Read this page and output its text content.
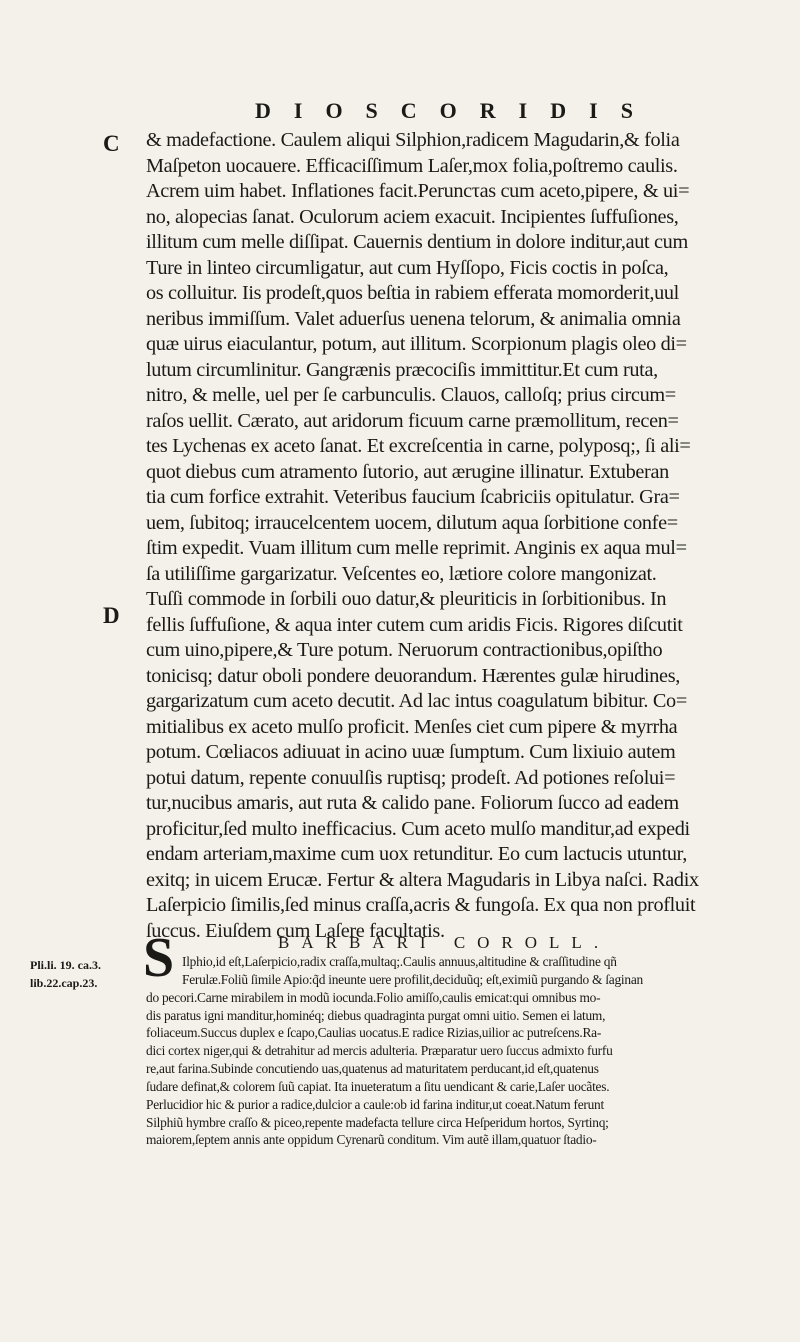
DIOSCORIDIS
C
D
& madefactione. Caulem aliqui Silphion,radicem Magudarin,& folia
Maſpeton uocauere. Efficaciſſimum Laſer,mox folia,poſtremo caulis.
Acrem uim habet. Inflationes facit.Peruncτas cum aceto,pipere, & ui=
no, alopecias ſanat. Oculorum aciem exacuit. Incipientes ſuffuſiones,
illitum cum melle diſſipat. Cauernis dentium in dolore inditur,aut cum
Ture in linteo circumligatur, aut cum Hyſſopo, Ficis coctis in poſca,
os colluitur. Iis prodeſt,quos beſtia in rabiem efferata momorderit,uul
neribus immiſſum. Valet aduerſus uenena telorum, & animalia omnia
quæ uirus eiaculantur, potum, aut illitum. Scorpionum plagis oleo di=
lutum circumlinitur. Gangrænis præcociſis immittitur.Et cum ruta,
nitro, & melle, uel per ſe carbunculis. Clauos, calloſq; prius circum=
raſos uellit. Cærato, aut aridorum ficuum carne præmollitum, recen=
tes Lychenas ex aceto ſanat. Et excreſcentia in carne, polyposq;, ſi ali=
quot diebus cum atramento ſutorio, aut ærugine illinatur. Extuberan
tia cum forfice extrahit. Veteribus faucium ſcabriciis opitulatur. Gra=
uem, ſubitoq; irraucelcentem uocem, dilutum aqua ſorbitione confe=
ſtim expedit. Vuam illitum cum melle reprimit. Anginis ex aqua mul=
ſa utiliſſime gargarizatur. Veſcentes eo, lætiore colore mangonizat.
Tuſſi commode in ſorbili ouo datur,& pleuriticis in ſorbitionibus. In
fellis ſuffuſione, & aqua inter cutem cum aridis Ficis. Rigores diſcutit
cum uino,pipere,& Ture potum. Neruorum contractionibus,opiſtho
tonicisq; datur oboli pondere deuorandum. Hærentes gulæ hirudines,
gargarizatum cum aceto decutit. Ad lac intus coagulatum bibitur. Co=
mitialibus ex aceto mulſo proficit. Menſes ciet cum pipere & myrrha
potum. Cœliacos adiuuat in acino uuæ ſumptum. Cum lixiuio autem
potui datum, repente conuulſis ruptisq; prodeſt. Ad potiones reſolui=
tur,nucibus amaris, aut ruta & calido pane. Foliorum ſucco ad eadem
proficitur,ſed multo inefficacius. Cum aceto mulſo manditur,ad expedi
endam arteriam,maxime cum uox retunditur. Eo cum lactucis utuntur,
exitq; in uicem Erucæ. Fertur & altera Magudaris in Libya naſci. Radix
Laſerpicio ſimilis,ſed minus craſſa,acris & fungoſa. Ex qua non profluit
ſuccus. Eiuſdem cum Laſere facultatis.
BARBARI COROLL.
S
Pli.li. 19. ca.3.
lib.22.cap.23.
Ilphio,id eſt,Laſerpicio,radix craſſa,multaq;.Caulis annuus,altitudine & craſſitudine qñ
Ferulæ.Foliũ ſimile Apio:q̃d ineunte uere profilit,deciduũq; eſt,eximiũ purgando & ſaginan
do pecori.Carne mirabilem in modũ iocunda.Folio amiſſo,caulis emicat:qui omnibus mo-
dis paratus igni manditur,hominéq; diebus quadraginta purgat omni uitio. Semen ei latum,
foliaceum.Succus duplex e ſcapo,Caulias uocatus.E radice Rizias,uilior ac putreſcens.Ra-
dici cortex niger,qui & detrahitur ad mercis adulteria. Præparatur uero ſuccus admixto furfu
re,aut farina.Subinde concutiendo uas,quatenus ad maturitatem perducant,id eſt,quatenus
ſudare definat,& colorem ſuũ capiat. Ita inueteratum a ſitu uendicant & carie,Laſer uocãtes.
Perlucidior hic & purior a radice,dulcior a caule:ob id farina inditur,ut coeat.Natum ferunt
Silphiũ hymbre craſſo & piceo,repente madefacta tellure circa Heſperidum hortos, Syrtinq;
maiorem,ſeptem annis ante oppidum Cyrenarũ conditum. Vim autẽ illam,quatuor ſtadio-
